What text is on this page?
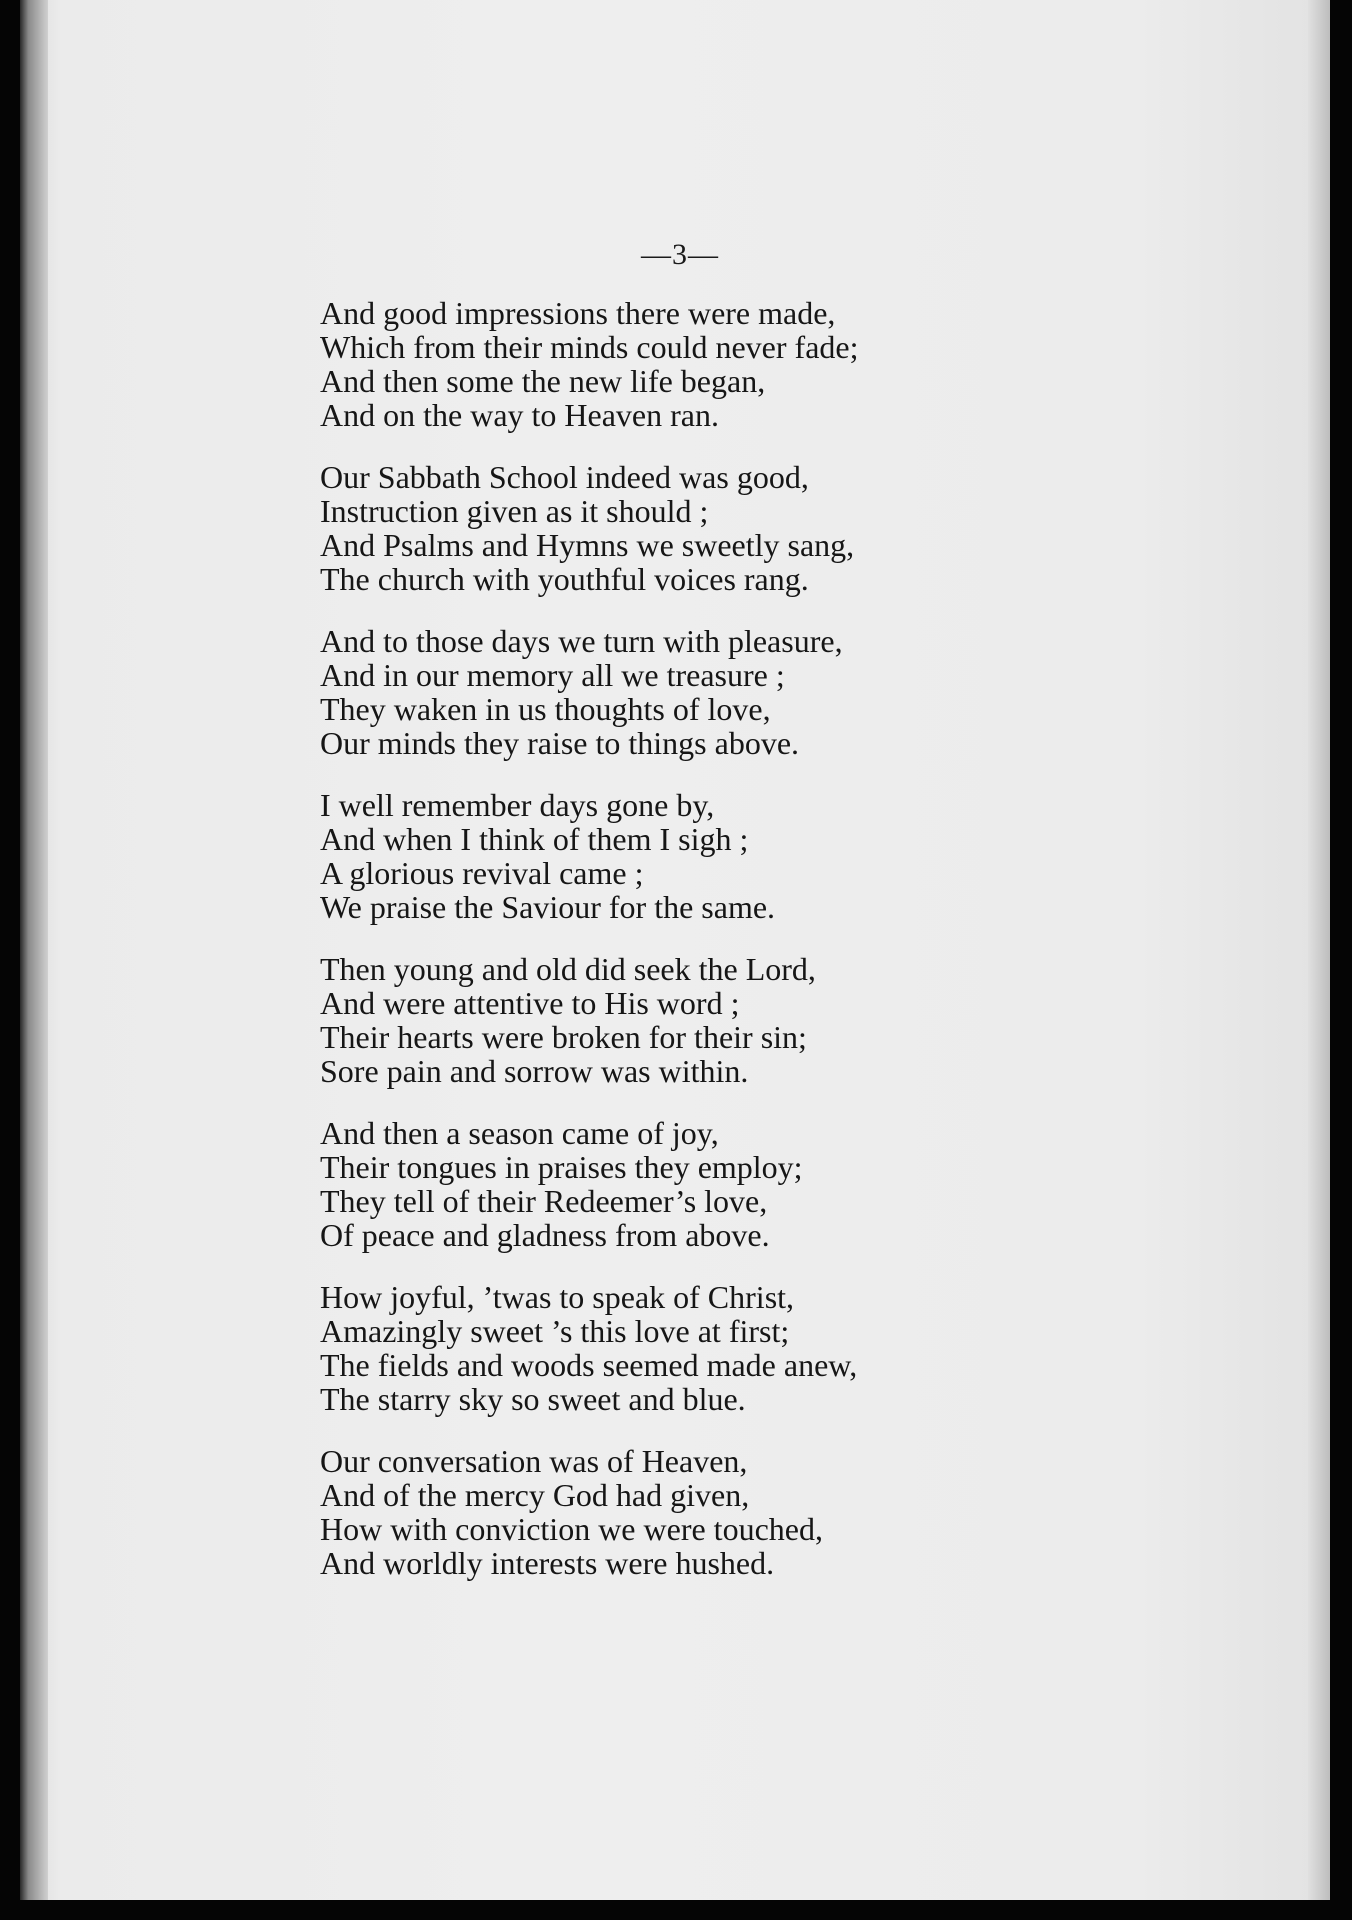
—3—
And good impressions there were made,
Which from their minds could never fade;
And then some the new life began,
And on the way to Heaven ran.
Our Sabbath School indeed was good,
Instruction given as it should ;
And Psalms and Hymns we sweetly sang,
The church with youthful voices rang.
And to those days we turn with pleasure,
And in our memory all we treasure ;
They waken in us thoughts of love,
Our minds they raise to things above.
I well remember days gone by,
And when I think of them I sigh ;
A glorious revival came ;
We praise the Saviour for the same.
Then young and old did seek the Lord,
And were attentive to His word ;
Their hearts were broken for their sin;
Sore pain and sorrow was within.
And then a season came of joy,
Their tongues in praises they employ;
They tell of their Redeemer’s love,
Of peace and gladness from above.
How joyful, ’twas to speak of Christ,
Amazingly sweet ’s this love at first;
The fields and woods seemed made anew,
The starry sky so sweet and blue.
Our conversation was of Heaven,
And of the mercy God had given,
How with conviction we were touched,
And worldly interests were hushed.
